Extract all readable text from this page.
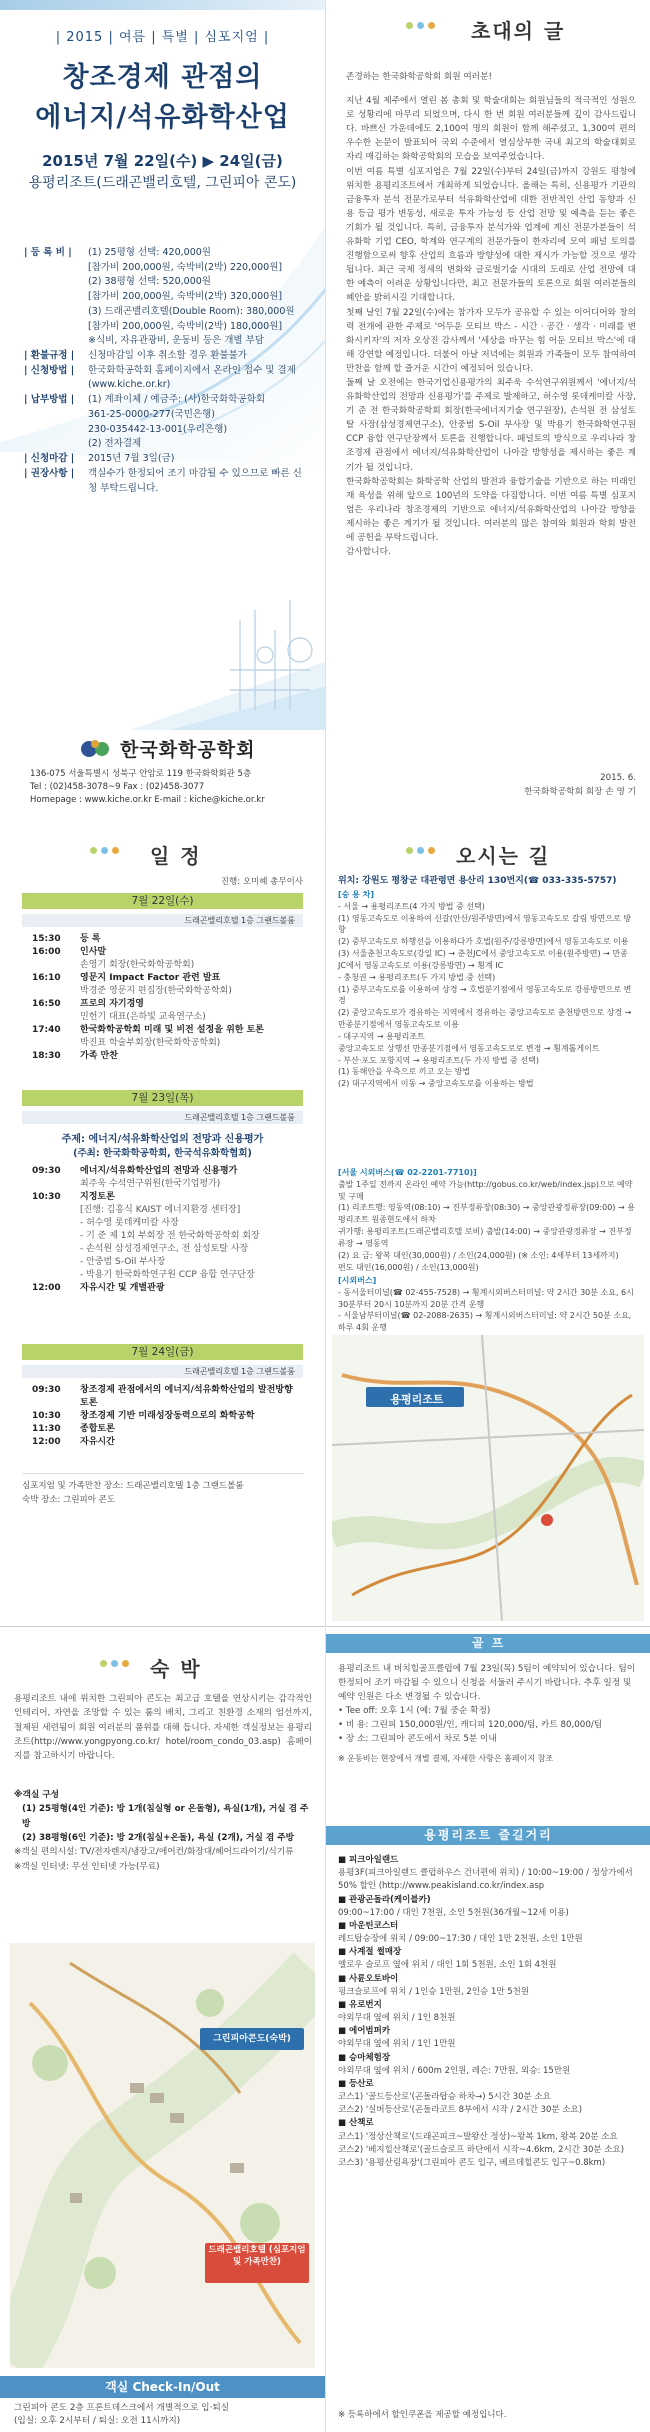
| 2015 | 여름 | 특별 | 심포지엄 |
창조경제 관점의
에너지/석유화학산업
2015년 7월 22일(수) ▶ 24일(금)
용평리조트(드래곤밸리호텔, 그린피아 콘도)
| 등 록 비 |	(1) 25평형 선택: 420,000원
[참가비 200,000원, 숙박비(2박) 220,000원]
(2) 38평형 선택: 520,000원
[참가비 200,000원, 숙박비(2박) 320,000원]
(3) 드래곤밸리호텔(Double Room): 380,000원
[참가비 200,000원, 숙박비(2박) 180,000원]
※식비, 자유관광비, 운동비 등은 개별 부담
| 환불규정 |	신청마감일 이후 취소할 경우 환불불가
| 신청방법 |	한국화학공학회 홈페이지에서 온라인 접수 및 결제 (www.kiche.or.kr)
| 납부방법 |	(1) 계좌이체 / 예금주: (사)한국화학공학회
361-25-0000-277(국민은행)
230-035442-13-001(우리은행)
(2) 전자결제
| 신청마감 |	2015년 7월 3일(금)
| 권장사항 |	객실수가 한정되어 조기 마감될 수 있으므로 빠른 신청 부탁드립니다.
한국화학공학회
136-075 서울특별시 성북구 안암로 119 한국화학회관 5층
Tel : (02)458-3078~9 Fax : (02)458-3077
Homepage : www.kiche.or.kr E-mail : kiche@kiche.or.kr
초대의 글

존경하는 한국화학공학회 회원 여러분!

지난 4월 제주에서 열린 봄 총회 및 학술대회는 회원님들의 적극적인 성원으로 성황리에 마무리 되었으며, 다시 한 번 회원 여러분들께 깊이 감사드립니다. 바쁘신 가운데에도 2,100여 명의 회원이 함께 해주셨고, 1,300여 편의 우수한 논문이 발표되어 국외 수준에서 열심상부한 국내 최고의 학술대회로 자리 매김하는 화학공학회의 모습을 보여주었습니다.

이번 여름 특별 심포지엄은 7월 22일(수)부터 24일(금)까지 강원도 평창에 위치한 용평리조트에서 개최하게 되었습니다. 올해는 특히, 신용평가 기관의 금융투자 분석 전문가로부터 석유화학산업에 대한 전반적인 산업 동향과 신용 등급 평가 변동성, 새로운 투자 가능성 등 산업 전망 및 예측을 듣는 좋은 기회가 될 것입니다. 특히, 금융투자 분석가와 업계에 계신 전문가분들이 석유화학 기업 CEO, 학계와 연구계의 전문가들이 한자리에 모여 패널 토의를 진행함으로써 향후 산업의 흐름과 방향성에 대한 제시가 가능할 것으로 생각됩니다. 최근 국제 정세의 변화와 글로벌기술 시대의 도래로 산업 전망에 대한 예측이 어려운 상황입니다만, 최고 전문가들의 토론으로 회원 여러분들의 혜안을 밝히시길 기대합니다.

첫째 날인 7월 22일(수)에는 참가자 모두가 공유할 수 있는 이어디어와 창의력 전개에 관한 주제로 '어두운 모티브 박스 - 시간 · 공간 · 생각 · 미래를 변화시키자'의 저자 오상진 감사께서 '세상을 바꾸는 힘 어둔 모티브 박스'에 대해 강연할 예정입니다. 더불어 아날 저녁에는 회원과 가족들이 모두 참여하여 만찬을 함께 할 즐거운 시간이 예정되어 있습니다.

둘째 날 오전에는 한국기업신용평가의 최주욱 수석연구위원께서 '에너지/석유화학산업의 전망과 신용평가'를 주제로 발제하고, 허수영 롯데케미칼 사장, 기 준 전 한국화학공학회 회장(한국에너지기술 연구원장), 손석원 전 삼성토탈 사장(삼성경제연구소), 안중범 S-Oil 부사장 및 박용기 한국화학연구원 CCP 융합 연구단장께서 토론을 진행합니다. 패널토의 방식으로 우리나라 창조경제 관점에서 에너지/석유화학산업이 나아갈 방향성을 제시하는 좋은 계기가 될 것입니다.

한국화학공학회는 화학공학 산업의 발전과 융합기술을 기반으로 하는 미래인재 육성을 위해 앞으로 100년의 도약을 다짐합니다. 이번 여름 특별 심포지엄은 우리나라 창조경제의 기반으로 에너지/석유화학산업의 나아갈 방향을 제시하는 좋은 계기가 될 것입니다. 여러분의 많은 참여와 회원과 학회 발전에 공헌을 부탁드립니다.

감사합니다.

2015. 6.
한국화학공학회 회장 손 영 기
일 정
진행: 오미혜 총무이사
7월 22일(수)
드래곤밸리호텔 1층 그랜드볼룸
15:30	등 록
16:00	인사말
손영기 회장(한국화학공학회)
16:10	영문지 Impact Factor 관련 발표
박경준 영문지 편집장(한국화학공학회)
16:50	프로의 자기경영
민헌기 대표(은하빛 교육연구소)
17:40	한국화학공학회 미래 및 비전 설정을 위한 토론
박진표 학술부회장(한국화학공학회)
18:30	가족 만찬
7월 23일(목)
드래곤밸리호텔 1층 그랜드볼룸
주제: 에너지/석유화학산업의 전망과 신용평가
(주최: 한국화학공학회, 한국석유화학협회)
09:30	에너지/석유화학산업의 전망과 신용평가
최주욱 수석연구위원(한국기업평가)
10:30	지정토론
[진행: 김흥식 KAIST 에너지환경 센터장]
- 허수영 롯데케미칼 사장
- 기 준 제 1회 부회장 전 한국화학공학회 회장
- 손석원 삼성경제연구소, 전 삼성토탈 사장
- 안중범 S-Oil 부사장
- 박용기 한국화학연구원 CCP 융합 연구단장
12:00	자유시간 및 개별관광
7월 24일(금)
드래곤밸리호텔 1층 그랜드볼룸
09:30	창조경제 관점에서의 에너지/석유화학산업의 발전방향 토론
10:30	창조경제 기반 미래성장동력으로의 화학공학
11:30	종합토론
12:00	자유시간
심포지엄 및 가족만찬 장소: 드래곤밸리호텔 1층 그랜드볼룸
숙박 장소: 그린피아 콘도
오시는 길
위치: 강원도 평창군 대관령면 용산리 130번지(☎ 033-335-5757)
[승 용 차]
- 서울 → 용평리조트(4 가지 방법 중 선택)
(1) 영동고속도로 이용하여 신갈(안산/원주방면)에서 영동고속도로 갈림 방면으로 방향
(2) 중부고속도로 하행선을 이용하다가 호법(원주/강릉방면)에서 영동고속도로 이용
(3) 서울춘천고속도로(강일 IC) → 춘천JC에서 중앙고속도로 이용(원주방면) → 만종 JC에서 영동고속도로 이용(강릉방면) → 횡계 IC
- 충청권 → 용평리조트(두 가지 방법 중 선택)
(1) 중부고속도로를 이용하여 상경 → 호법분기점에서 영동고속도로 강릉방면으로 변경
(2) 중앙고속도로가 경유하는 지역에서 경유하는 중앙고속도로 춘천방면으로 상경 → 만종분기점에서 영동고속도로 이용
- 대구지역 → 용평리조트
중앙고속도로 상행선 만종분기점에서 영동고속도로로 변경 → 횡계톨게이트
- 부산·포도 포항지역 → 용평리조트(두 가지 방법 중 선택)
(1) 동해안을 우측으로 끼고 오는 방법
(2) 대구지역에서 이동 → 중앙고속도로를 이용하는 방법
[서울 시외버스(☎ 02-2201-7710)]
출발 1주일 전까지 온라인 예약 가능(http://gobus.co.kr/web/index.jsp)으로 예약 및 구매
(1) 리조트행: 영동역(08:10) → 진부정류장(08:30) → 중앙관광정류장(09:00) → 용평리조트 원종현도에서 하차
귀가행: 용평리조트(드래곤밸리호텔 로비) 출발(14:00) → 중앙관광정류장 → 진부정류장 → 영동역
(2) 요 금: 왕복 대인(30,000원) / 소인(24,000원) (※ 소인: 4세부터 13세까지)
편도 대인(16,000원) / 소인(13,000원)
[시외버스]
- 동서울터미널(☎ 02-455-7528) → 횡계시외버스터미널: 약 2시간 30분 소요, 6시 30분부터 20시 10분까지 20분 간격 운행
- 서울남부터미널(☎ 02-2088-2635) → 횡계시외버스터미널: 약 2시간 50분 소요, 하루 4회 운행
용평리조트
숙 박
용평리조트 내에 위치한 그린피아 콘도는 최고급 호텔을 연상시키는 감각적인 인테리어, 자연을 조망할 수 있는 룸의 배치, 그리고 친환경 소재의 엄선까지, 절제된 세련됨이 회원 여러분의 품위를 대해 듭니다. 자세한 객실정보는 용평리조트(http://www.yongpyong.co.kr/ hotel/room_condo_03.asp) 홈페이지를 참고하시기 바랍니다.
※객실 구성
(1) 25평형(4인 기준): 방 1개(침실형 or 온돌형), 욕실(1개), 거실 겸 주방
(2) 38평형(6인 기준): 방 2개(침실+온돌), 욕실 (2개), 거실 겸 주방
※객실 편의시설: TV/전자렌지/냉장고/에어컨/화장대/헤어드라이기/식기류
※객실 인터넷: 무선 인터넷 가능(무료)
그린피아콘도(숙박)
드래곤밸리호텔 (심포지엄 및 가족만찬)
객실 Check-In/Out
그린피아 콘도 2층 프론트데스크에서 개별적으로 입·퇴실
(입실: 오후 2시부터 / 퇴실: 오전 11시까지)
골 프
용평리조트 내 버치힐골프클럽에 7월 23일(목) 5팀이 예약되어 있습니다. 팀이 한정되어 조기 마감될 수 있으니 신청을 서둘러 주시기 바랍니다. 추후 일정 및 예약 인원은 다소 변경될 수 있습니다.
• Tee off: 오후 1시 (예: 7월 중순 확정)
• 비 용: 그린피 150,000원/인, 캐디피 120,000/팀, 카트 80,000/팀
• 장 소: 그린피아 콘도에서 차로 5분 이내
※ 운동비는 현장에서 개별 결제, 자세한 사항은 홈페이지 참조
용평리조트 즐길거리
■ 피크아일랜드
용평3F(피크아일랜드 클럽하우스 건너편에 위치) / 10:00~19:00 / 정상가에서 50% 할인 (http://www.peakisland.co.kr/index.asp
■ 관광곤돌라(케이블카)
09:00~17:00 / 대인 7천원, 소인 5천원(36개월~12세 이용)
■ 마운틴코스터
레드탑승장에 위치 / 09:00~17:30 / 대인 1만 2천원, 소인 1만원
■ 사계절 썰매장
엘로우 슬로프 옆에 위치 / 대인 1회 5천원, 소인 1회 4천원
■ 사륜오토바이
핑크슬로프에 위치 / 1인승 1만원, 2인승 1만 5천원
■ 유로번지
야외무대 옆에 위치 / 1인 8천원
■ 에어범퍼카
야외무대 옆에 위치 / 1인 1만원
■ 승마체험장
야외무대 옆에 위치 / 600m 2인원, 레슨: 7만원, 외승: 15만원
■ 등산로
코스1) '골드등산로'(곤돌라탑승 하차→) 5시간 30분 소요
코스2) '실버등산로'(곤돌라코트 8부에서 시작 / 2시간 30분 소요)
■ 산책로
코스1) '정상산책로'(드래곤피크~발왕산 정상)~왕복 1km, 왕복 20분 소요
코스2) '베지힐산책로'(골드슬로프 하단에서 시작~4.6km, 2시간 30분 소요)
코스3) '용평산림욕장'(그린피아 콘도 입구, 베르데힐콘도 입구~0.8km)
※ 등록하에서 할인쿠폰을 제공할 예정입니다.
